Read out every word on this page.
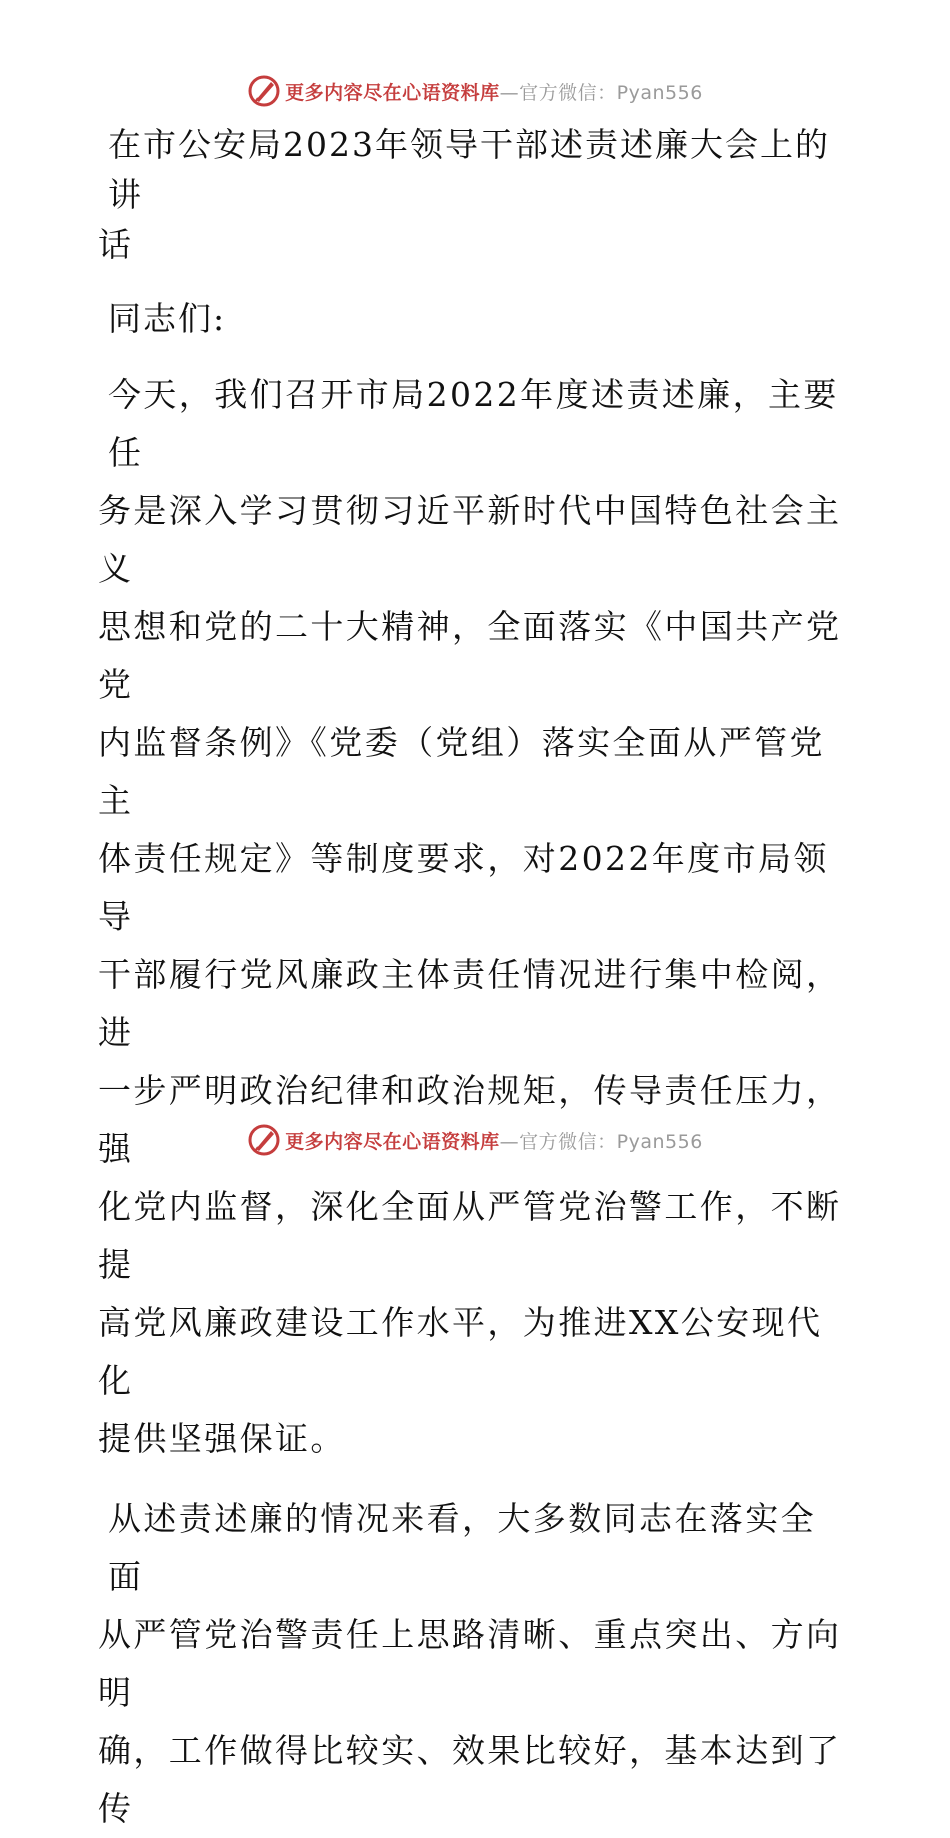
更多内容尽在心语资料库—官方微信：Pyan556
在市公安局2023年领导干部述责述廉大会上的讲
话

同志们:

今天，我们召开市局2022年度述责述廉，主要任
务是深入学习贯彻习近平新时代中国特色社会主义
思想和党的二十大精神，全面落实《中国共产党党
内监督条例》《党委（党组）落实全面从严管党主
体责任规定》等制度要求，对2022年度市局领导
干部履行党风廉政主体责任情况进行集中检阅，进
一步严明政治纪律和政治规矩，传导责任压力，强
化党内监督，深化全面从严管党治警工作，不断提
高党风廉政建设工作水平，为推进XX公安现代化
提供坚强保证。
从述责述廉的情况来看，大多数同志在落实全面
从严管党治警责任上思路清晰、重点突出、方向明
确，工作做得比较实、效果比较好，基本达到了传
更多内容尽在心语资料库—官方微信：Pyan556
